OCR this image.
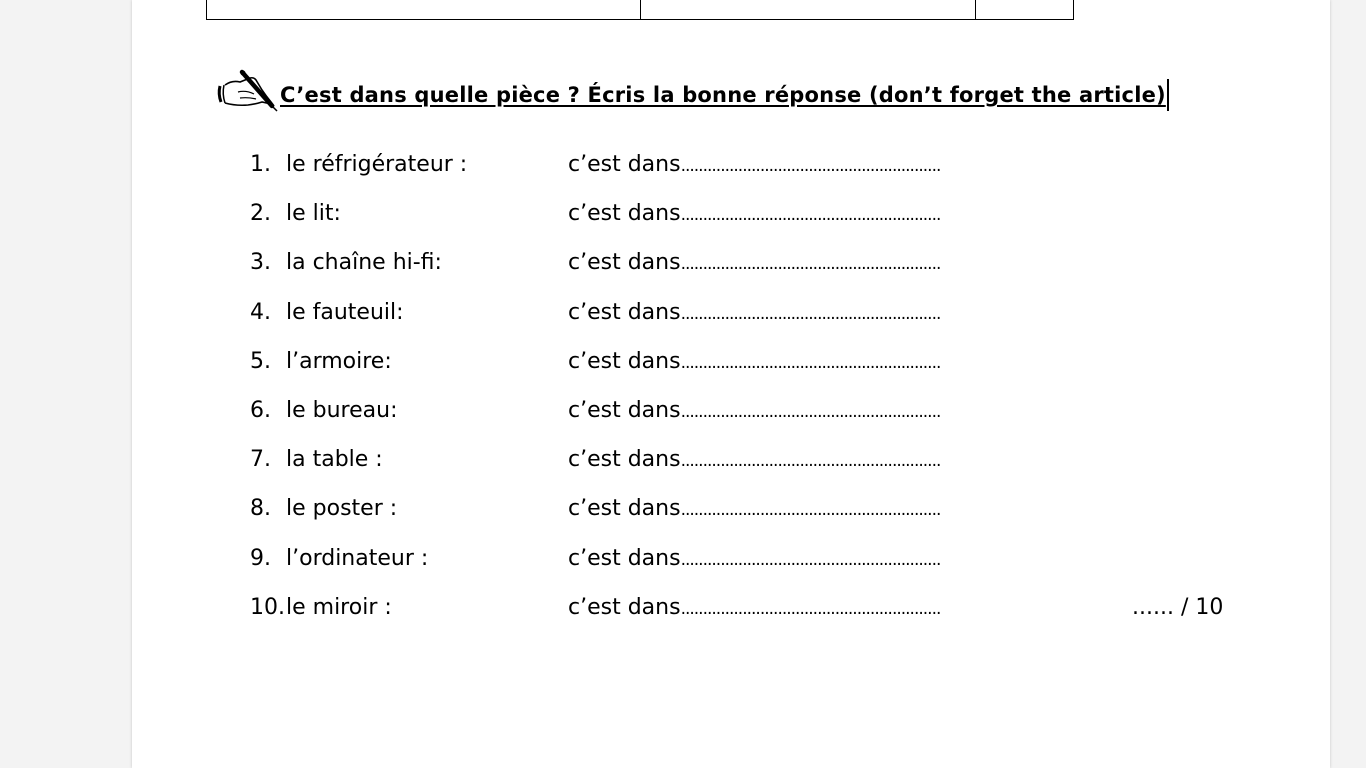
C’est dans quelle pièce ? Écris la bonne réponse (don’t forget the article)
1. le réfrigérateur :	c’est dans...........................................................
2. le lit:	c’est dans...........................................................
3. la chaîne hi-fi:	c’est dans...........................................................
4. le fauteuil:	c’est dans...........................................................
5. l’armoire:	c’est dans...........................................................
6. le bureau:	c’est dans...........................................................
7. la table :	c’est dans...........................................................
8. le poster :	c’est dans...........................................................
9. l’ordinateur :	c’est dans...........................................................
10. le miroir :	c’est dans...........................................................	...... / 10
